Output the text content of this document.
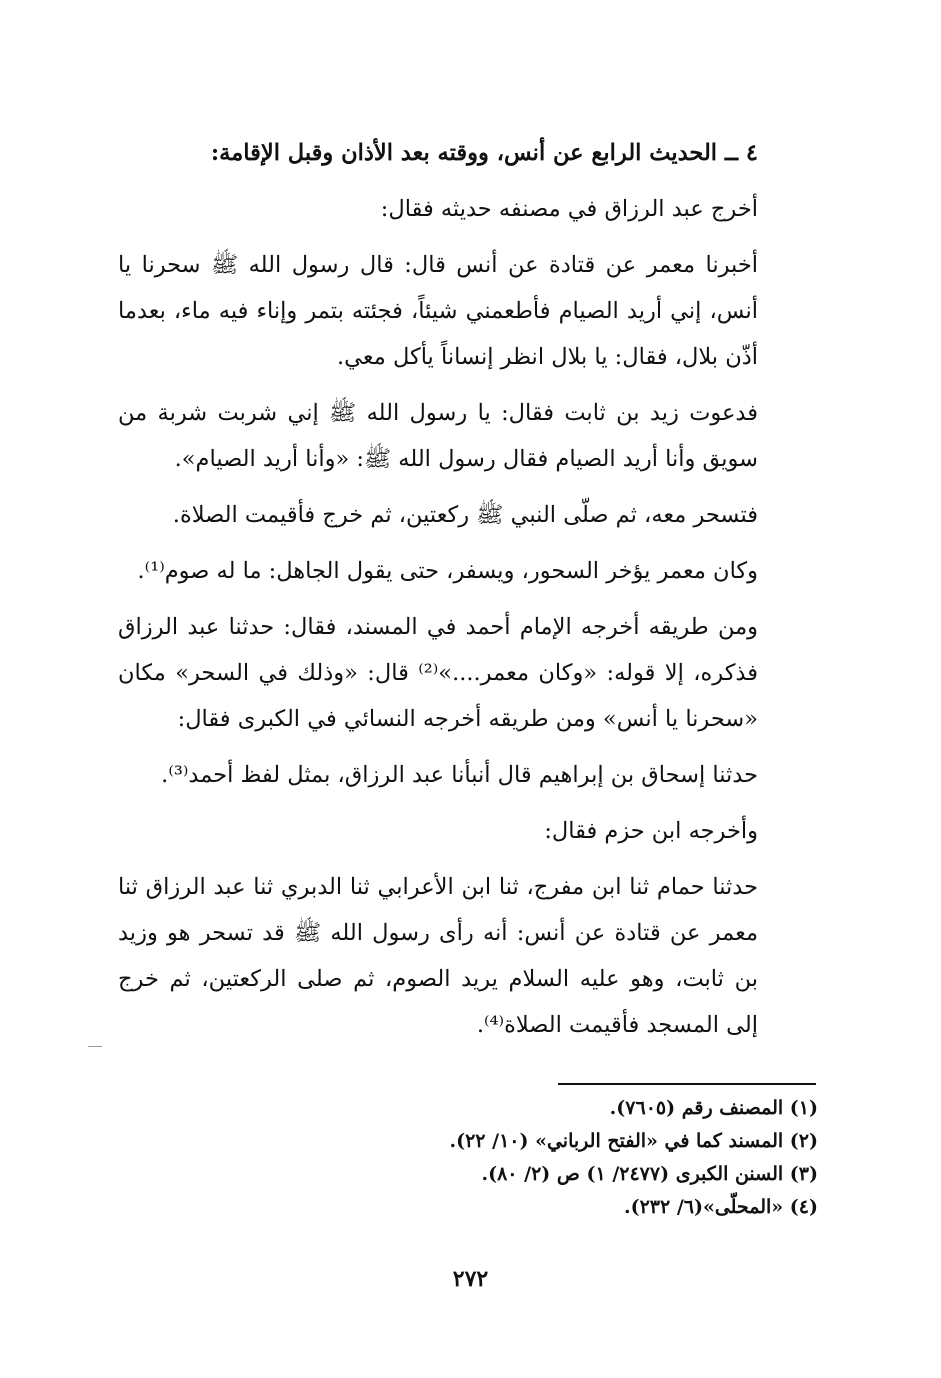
٤ ــ الحديث الرابع عن أنس، ووقته بعد الأذان وقبل الإقامة:

أخرج عبد الرزاق في مصنفه حديثه فقال:

أخبرنا معمر عن قتادة عن أنس قال: قال رسول الله ﷺ سحرنا يا أنس، إني أريد الصيام فأطعمني شيئاً، فجئته بتمر وإناء فيه ماء، بعدما أذّن بلال، فقال: يا بلال انظر إنساناً يأكل معي.

فدعوت زيد بن ثابت فقال: يا رسول الله ﷺ إني شربت شربة من سويق وأنا أريد الصيام فقال رسول الله ﷺ: «وأنا أريد الصيام».

فتسحر معه، ثم صلّى النبي ﷺ ركعتين، ثم خرج فأقيمت الصلاة.

وكان معمر يؤخر السحور، ويسفر، حتى يقول الجاهل: ما له صوم⁽¹⁾.

ومن طريقه أخرجه الإمام أحمد في المسند، فقال: حدثنا عبد الرزاق فذكره، إلا قوله: «وكان معمر....»⁽²⁾ قال: «وذلك في السحر» مكان «سحرنا يا أنس» ومن طريقه أخرجه النسائي في الكبرى فقال:

حدثنا إسحاق بن إبراهيم قال أنبأنا عبد الرزاق، بمثل لفظ أحمد⁽³⁾.

وأخرجه ابن حزم فقال:

حدثنا حمام ثنا ابن مفرج، ثنا ابن الأعرابي ثنا الدبري ثنا عبد الرزاق ثنا معمر عن قتادة عن أنس: أنه رأى رسول الله ﷺ قد تسحر هو وزيد بن ثابت، وهو عليه السلام يريد الصوم، ثم صلى الركعتين، ثم خرج إلى المسجد فأقيمت الصلاة⁽⁴⁾.

(١) المصنف رقم (٧٦٠٥).
(٢) المسند كما في «الفتح الرباني» (١٠/ ٢٢).
(٣) السنن الكبرى (٢٤٧٧/ ١) ص (٢/ ٨٠).
(٤) «المحلّى»(٦/ ٢٣٢).
٢٧٢
